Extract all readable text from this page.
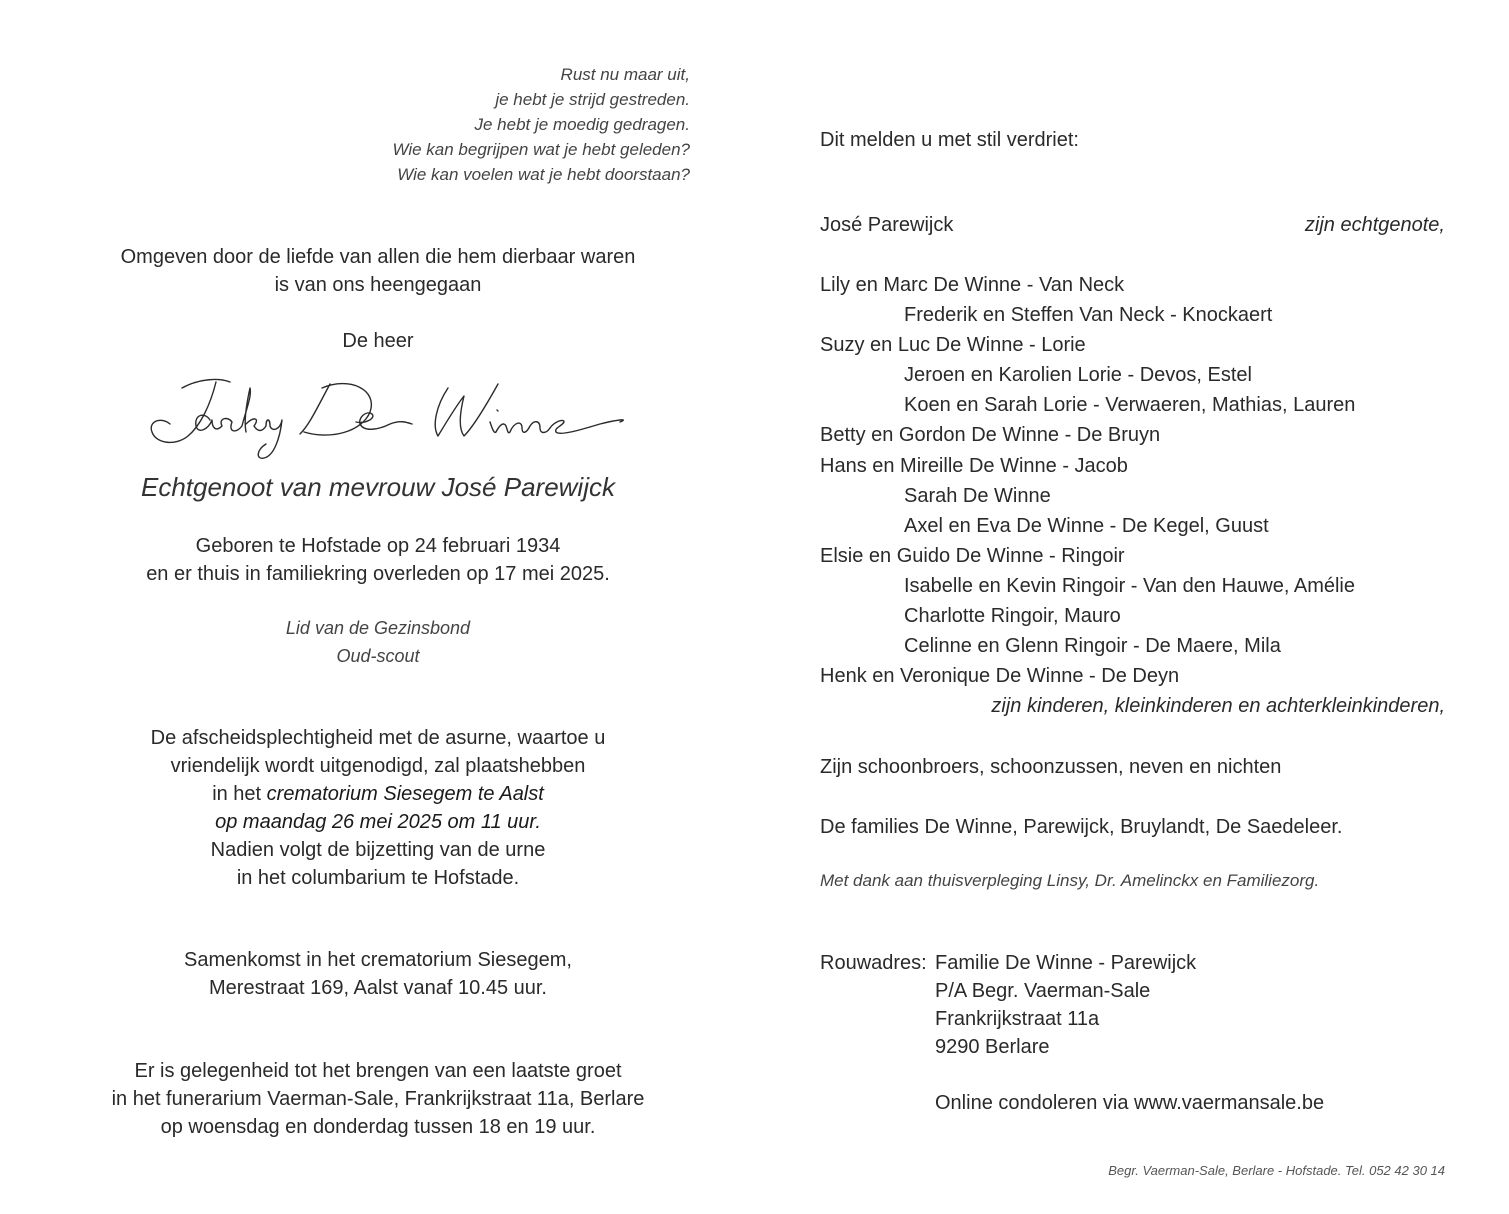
Rust nu maar uit,
je hebt je strijd gestreden.
Je hebt je moedig gedragen.
Wie kan begrijpen wat je hebt geleden?
Wie kan voelen wat je hebt doorstaan?
Omgeven door de liefde van allen die hem dierbaar waren
is van ons heengegaan
De heer
Echtgenoot van mevrouw José Parewijck
Geboren te Hofstade op 24 februari 1934
en er thuis in familiekring overleden op 17 mei 2025.
Lid van de Gezinsbond
Oud-scout
De afscheidsplechtigheid met de asurne, waartoe u
vriendelijk wordt uitgenodigd, zal plaatshebben
in het crematorium Siesegem te Aalst
op maandag 26 mei 2025 om 11 uur.
Nadien volgt de bijzetting van de urne
in het columbarium te Hofstade.
Samenkomst in het crematorium Siesegem,
Merestraat 169, Aalst vanaf 10.45 uur.
Er is gelegenheid tot het brengen van een laatste groet
in het funerarium Vaerman-Sale, Frankrijkstraat 11a, Berlare
op woensdag en donderdag tussen 18 en 19 uur.
Dit melden u met stil verdriet:
José Parewijck	zijn echtgenote,
Lily en Marc De Winne - Van Neck
Frederik en Steffen Van Neck - Knockaert
Suzy en Luc De Winne - Lorie
Jeroen en Karolien Lorie - Devos, Estel
Koen en Sarah Lorie - Verwaeren, Mathias, Lauren
Betty en Gordon De Winne - De Bruyn
Hans en Mireille De Winne - Jacob
Sarah De Winne
Axel en Eva De Winne - De Kegel, Guust
Elsie en Guido De Winne - Ringoir
Isabelle en Kevin Ringoir - Van den Hauwe, Amélie
Charlotte Ringoir, Mauro
Celinne en Glenn Ringoir - De Maere, Mila
Henk en Veronique De Winne - De Deyn
zijn kinderen, kleinkinderen en achterkleinkinderen,
Zijn schoonbroers, schoonzussen, neven en nichten
De families De Winne, Parewijck, Bruylandt, De Saedeleer.
Met dank aan thuisverpleging Linsy, Dr. Amelinckx en Familiezorg.
Rouwadres: Familie De Winne - Parewijck
P/A Begr. Vaerman-Sale
Frankrijkstraat 11a
9290 Berlare
Online condoleren via www.vaermansale.be
Begr. Vaerman-Sale, Berlare - Hofstade. Tel. 052 42 30 14
